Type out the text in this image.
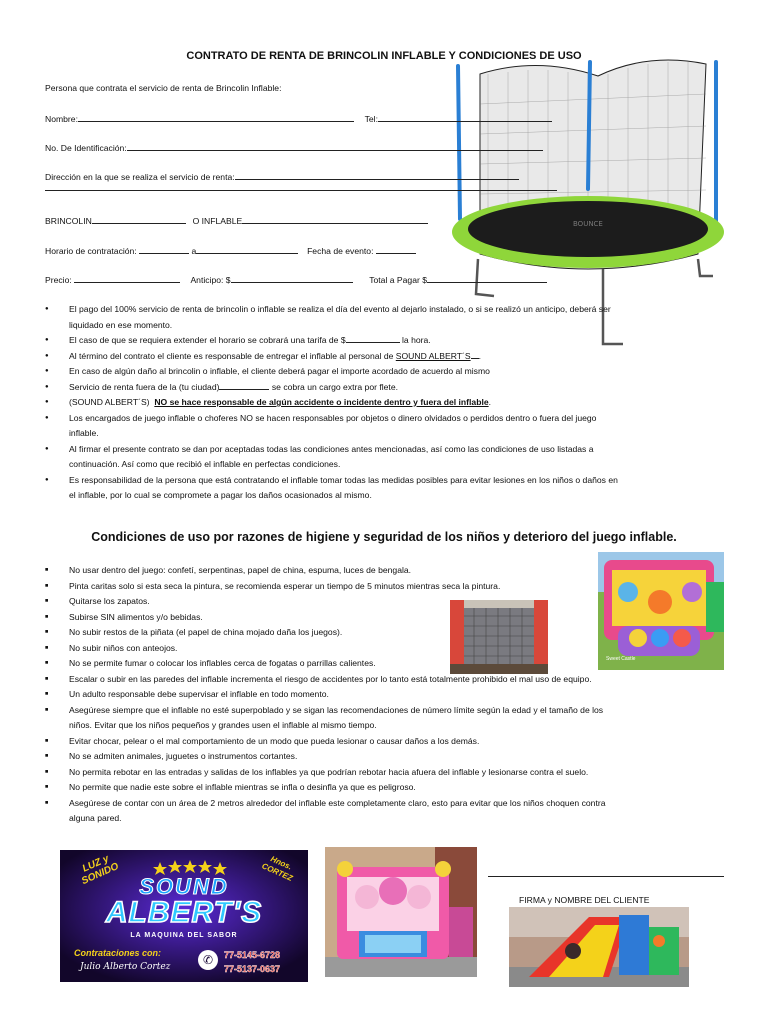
CONTRATO DE RENTA DE BRINCOLIN INFLABLE Y CONDICIONES DE USO
BOUNCE
Persona que contrata el servicio de renta de Brincolin Inflable:
Nombre:	Tel:
No. De Identificación:
Dirección en la que se realiza el servicio de renta:
BRINCOLIN	O INFLABLE
Horario de contratación:	a	Fecha de evento:
Precio:	Anticipo: $	Total a Pagar $
● El pago del 100% servicio de renta de brincolin o inflable se realiza el día del evento al dejarlo instalado, o si se realizó un anticipo, deberá ser
liquidado en ese momento.
● El caso de que se requiera extender el horario se cobrará una tarifa de $	la hora.
● Al término del contrato el cliente es responsable de entregar el inflable al personal de SOUND ALBERT´S .
● En caso de algún daño al brincolin o inflable, el cliente deberá pagar el importe acordado de acuerdo al mismo
● Servicio de renta fuera de la (tu ciudad)	se cobra un cargo extra por flete.
● (SOUND ALBERT´S) NO se hace responsable de algún accidente o incidente dentro y fuera del inflable.
● Los encargados de juego inflable o choferes NO se hacen responsables por objetos o dinero olvidados o perdidos dentro o fuera del juego
inflable.
● Al firmar el presente contrato se dan por aceptadas todas las condiciones antes mencionadas, así como las condiciones de uso listadas a
continuación. Así como que recibió el inflable en perfectas condiciones.
● Es responsabilidad de la persona que está contratando el inflable tomar todas las medidas posibles para evitar lesiones en los niños o daños en
el inflable, por lo cual se compromete a pagar los daños ocasionados al mismo.
Condiciones de uso por razones de higiene y seguridad de los niños y deterioro del juego inflable.
■ No usar dentro del juego: confetí, serpentinas, papel de china, espuma, luces de bengala.
■ Pinta caritas solo si esta seca la pintura, se recomienda esperar un tiempo de 5 minutos mientras seca la pintura.
■ Quitarse los zapatos.
■ Subirse SIN alimentos y/o bebidas.
■ No subir restos de la piñata (el papel de china mojado daña los juegos).
■ No subir niños con anteojos.
■ No se permite fumar o colocar los inflables cerca de fogatas o parrillas calientes.
■ Escalar o subir en las paredes del inflable incrementa el riesgo de accidentes por lo tanto está totalmente prohibido el mal uso de equipo.
■ Un adulto responsable debe supervisar el inflable en todo momento.
■ Asegúrese siempre que el inflable no esté superpoblado y se sigan las recomendaciones de número límite según la edad y el tamaño de los
niños. Evitar que los niños pequeños y grandes usen el inflable al mismo tiempo.
■ Evitar chocar, pelear o el mal comportamiento de un modo que pueda lesionar o causar daños a los demás.
■ No se admiten animales, juguetes o instrumentos cortantes.
■ No permita rebotar en las entradas y salidas de los inflables ya que podrían rebotar hacia afuera del inflable y lesionarse contra el suelo.
■ No permite que nadie este sobre el inflable mientras se infla o desinfla ya que es peligroso.
■ Asegúrese de contar con un área de 2 metros alrededor del inflable este completamente claro, esto para evitar que los niños choquen contra
alguna pared.
Sweet Castle
LUZ y SONIDO	Hnos. CORTEZ
SOUND
ALBERT'S
LA MAQUINA DEL SABOR
Contrataciones con:
Julio Alberto Cortez	✆	77-5145-6728
77-5137-0637
FIRMA y NOMBRE DEL CLIENTE
